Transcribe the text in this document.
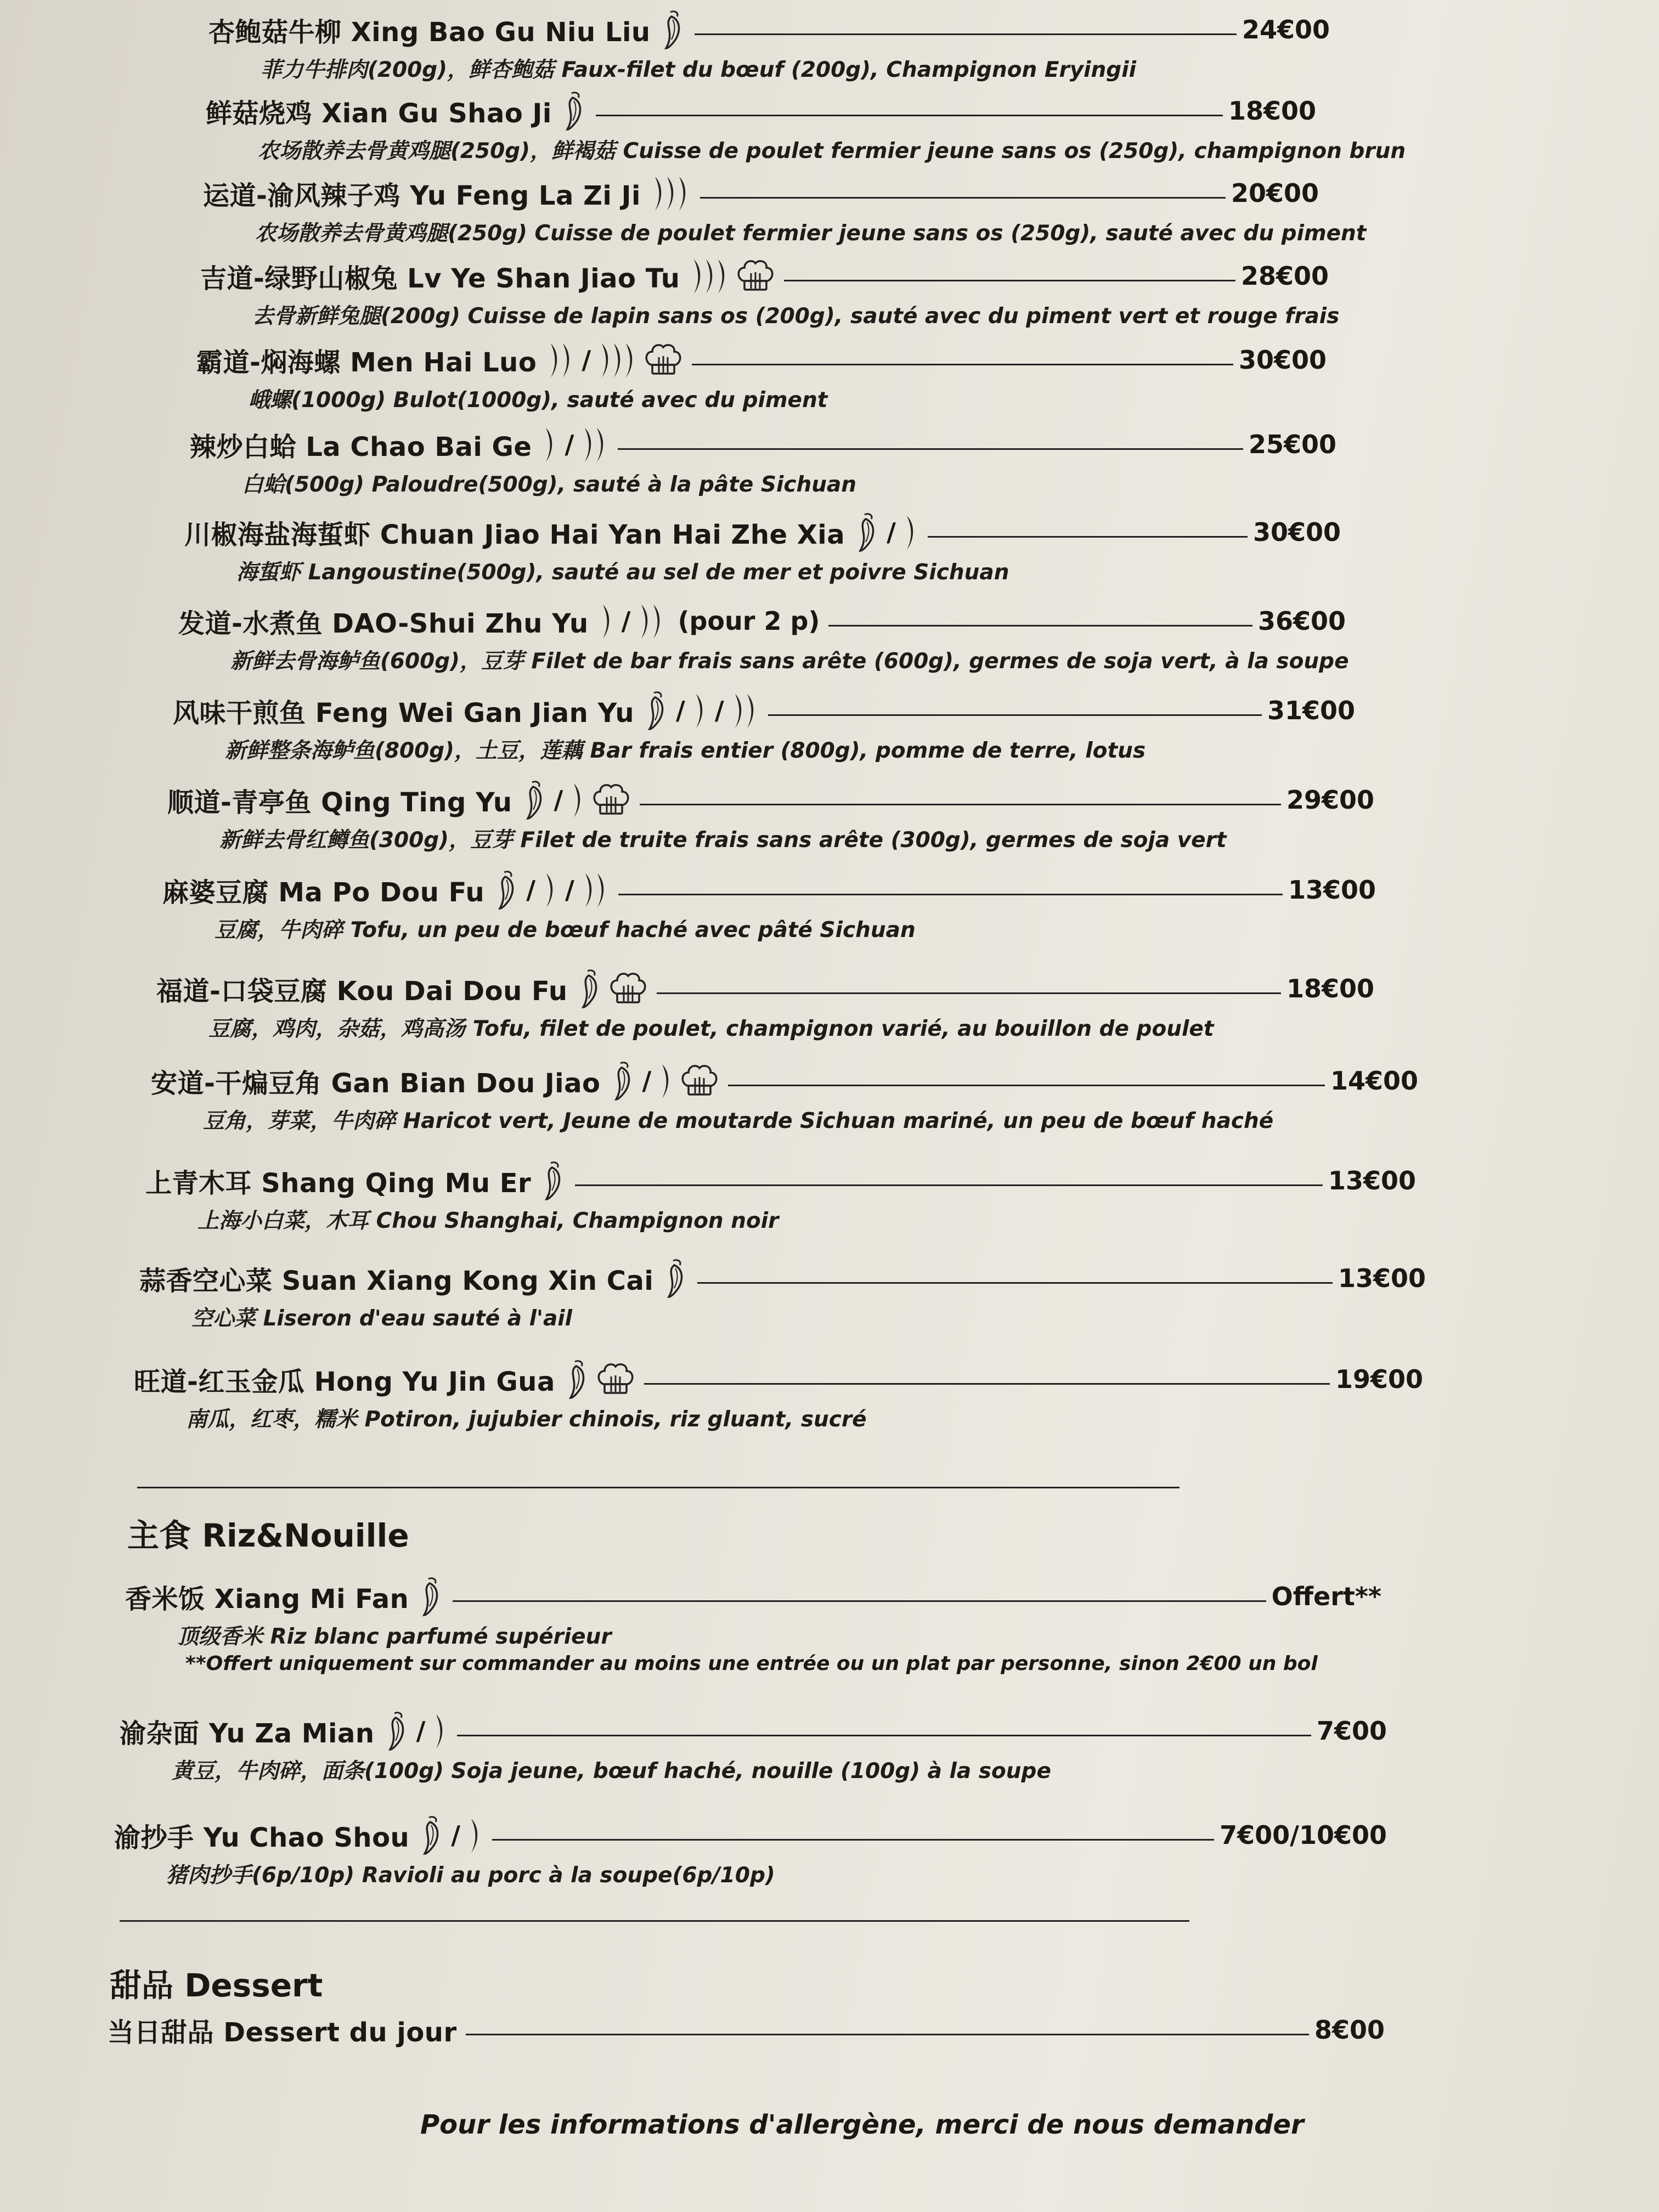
杏鲍菇牛柳 Xing Bao Gu Niu Liu	24€00
菲力牛排肉(200g)，鲜杏鲍菇 Faux-filet du bœuf (200g), Champignon Eryingii
鲜菇烧鸡 Xian Gu Shao Ji	18€00
农场散养去骨黄鸡腿(250g)，鲜褐菇 Cuisse de poulet fermier jeune sans os (250g), champignon brun
运道-渝风辣子鸡 Yu Feng La Zi Ji	20€00
农场散养去骨黄鸡腿(250g) Cuisse de poulet fermier jeune sans os (250g), sauté avec du piment
吉道-绿野山椒兔 Lv Ye Shan Jiao Tu	28€00
去骨新鲜兔腿(200g) Cuisse de lapin sans os (200g), sauté avec du piment vert et rouge frais
霸道-焖海螺 Men Hai Luo /	30€00
峨螺(1000g) Bulot(1000g), sauté avec du piment
辣炒白蛤 La Chao Bai Ge /	25€00
白蛤(500g) Paloudre(500g), sauté à la pâte Sichuan
川椒海盐海蜇虾 Chuan Jiao Hai Yan Hai Zhe Xia /	30€00
海蜇虾 Langoustine(500g), sauté au sel de mer et poivre Sichuan
发道-水煮鱼 DAO-Shui Zhu Yu / (pour 2 p)	36€00
新鲜去骨海鲈鱼(600g)，豆芽 Filet de bar frais sans arête (600g), germes de soja vert, à la soupe
风味干煎鱼 Feng Wei Gan Jian Yu / /	31€00
新鲜整条海鲈鱼(800g)，土豆，莲藕 Bar frais entier (800g), pomme de terre, lotus
顺道-青亭鱼 Qing Ting Yu /	29€00
新鲜去骨红鳟鱼(300g)，豆芽 Filet de truite frais sans arête (300g), germes de soja vert
麻婆豆腐 Ma Po Dou Fu / /	13€00
豆腐，牛肉碎 Tofu, un peu de bœuf haché avec pâté Sichuan
福道-口袋豆腐 Kou Dai Dou Fu	18€00
豆腐，鸡肉，杂菇，鸡高汤 Tofu, filet de poulet, champignon varié, au bouillon de poulet
安道-干煸豆角 Gan Bian Dou Jiao /	14€00
豆角，芽菜，牛肉碎 Haricot vert, Jeune de moutarde Sichuan mariné, un peu de bœuf haché
上青木耳 Shang Qing Mu Er	13€00
上海小白菜，木耳 Chou Shanghai, Champignon noir
蒜香空心菜 Suan Xiang Kong Xin Cai	13€00
空心菜 Liseron d'eau sauté à l'ail
旺道-红玉金瓜 Hong Yu Jin Gua	19€00
南瓜，红枣，糯米 Potiron, jujubier chinois, riz gluant, sucré
主食 Riz&Nouille
香米饭 Xiang Mi Fan	Offert**
顶级香米 Riz blanc parfumé supérieur
**Offert uniquement sur commander au moins une entrée ou un plat par personne, sinon 2€00 un bol
渝杂面 Yu Za Mian /	7€00
黄豆，牛肉碎，面条(100g) Soja jeune, bœuf haché, nouille (100g) à la soupe
渝抄手 Yu Chao Shou /	7€00/10€00
猪肉抄手(6p/10p) Ravioli au porc à la soupe(6p/10p)
甜品 Dessert
当日甜品 Dessert du jour	8€00
Pour les informations d'allergène, merci de nous demander
